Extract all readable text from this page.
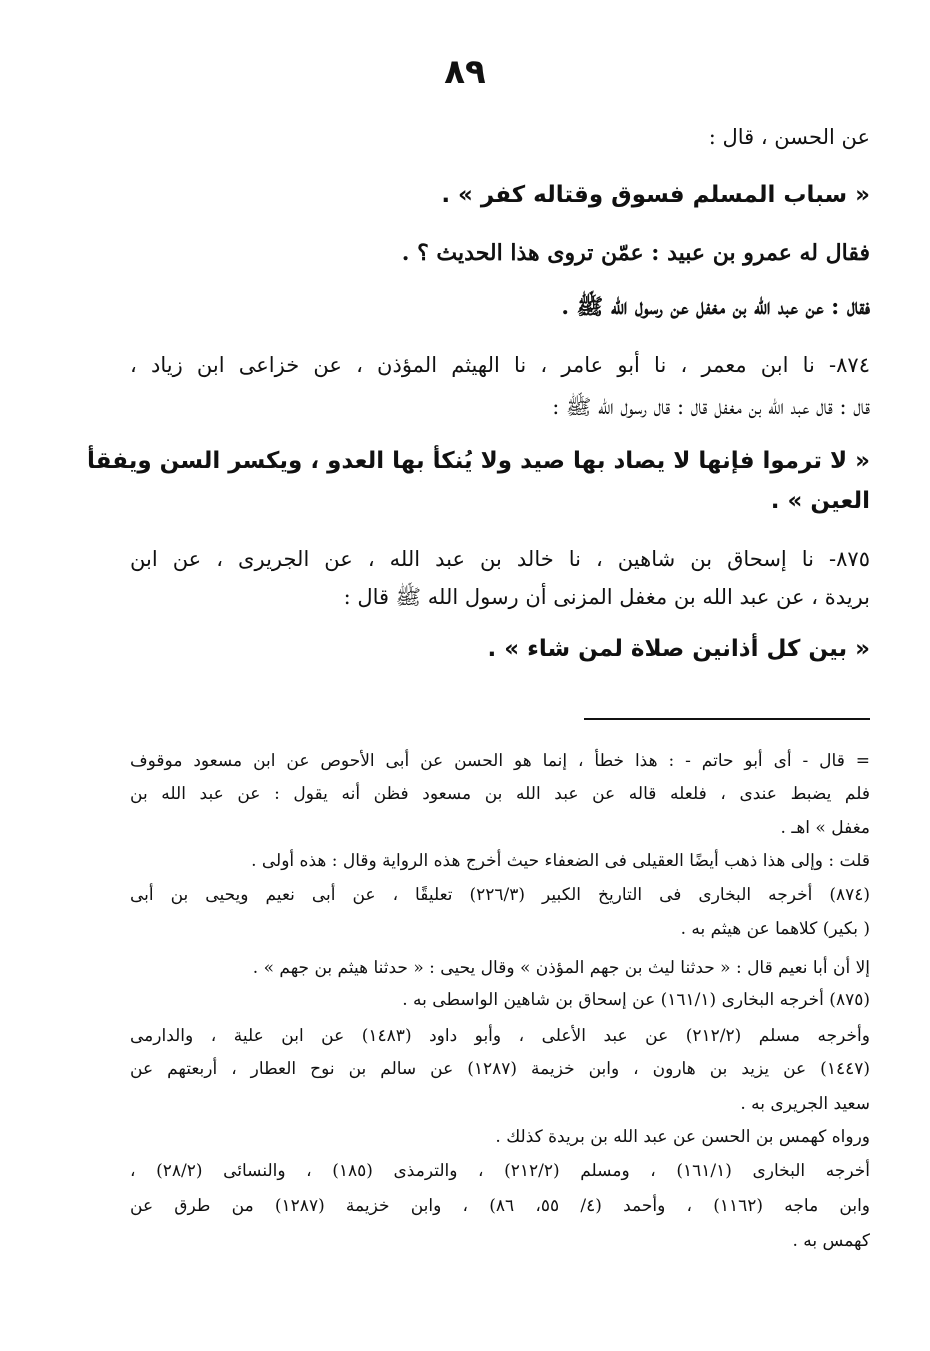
٨٩

عن الحسن ، قال :

« سباب المسلم فسوق وقتاله كفر » .

فقال له عمرو بن عبيد : عمّن تروى هذا الحديث ؟ .

فقال : عن عبد الله بن مغفل عن رسول الله ﷺ .

٨٧٤- نا ابن معمر ، نا أبو عامر ، نا الهيثم المؤذن ، عن خزاعى ابن زياد ،

قال : قال عبد الله بن مغفل قال : قال رسول الله ﷺ :

« لا ترموا فإنها لا يصاد بها صيد ولا يُنكأ بها العدو ، ويكسر السن ويفقأ

العين » .

٨٧٥- نا إسحاق بن شاهين ، نا خالد بن عبد الله ، عن الجريرى ، عن ابن

بريدة ، عن عبد الله بن مغفل المزنى أن رسول الله ﷺ قال :

« بين كل أذانين صلاة لمن شاء » .

= قال - أى أبو حاتم - : هذا خطأ ، إنما هو الحسن عن أبى الأحوص عن ابن مسعود موقوف

فلم يضبط عندى ، فلعله قاله عن عبد الله بن مسعود فظن أنه يقول : عن عبد الله بن

مغفل » اهـ .

قلت : وإلى هذا ذهب أيضًا العقيلى فى الضعفاء حيث أخرج هذه الرواية وقال : هذه أولى .

(٨٧٤) أخرجه البخارى فى التاريخ الكبير (٢٢٦/٣) تعليقًا ، عن أبى نعيم ويحيى بن أبى

( بكير) كلاهما عن هيثم به .

إلا أن أبا نعيم قال : « حدثنا ليث بن جهم المؤذن » وقال يحيى : « حدثنا هيثم بن جهم » .

(٨٧٥) أخرجه البخارى (١٦١/١) عن إسحاق بن شاهين الواسطى به .

وأخرجه مسلم (٢١٢/٢) عن عبد الأعلى ، وأبو داود (١٤٨٣) عن ابن علية ، والدارمى

(١٤٤٧) عن يزيد بن هارون ، وابن خزيمة (١٢٨٧) عن سالم بن نوح العطار ، أربعتهم عن

سعيد الجريرى به .

ورواه كهمس بن الحسن عن عبد الله بن بريدة كذلك .

أخرجه البخارى (١٦١/١) ، ومسلم (٢١٢/٢) ، والترمذى (١٨٥) ، والنسائى (٢٨/٢) ،

وابن ماجه (١١٦٢) ، وأحمد (٤/ ٥٥، ٨٦) ، وابن خزيمة (١٢٨٧) من طرق عن

كهمس به .
